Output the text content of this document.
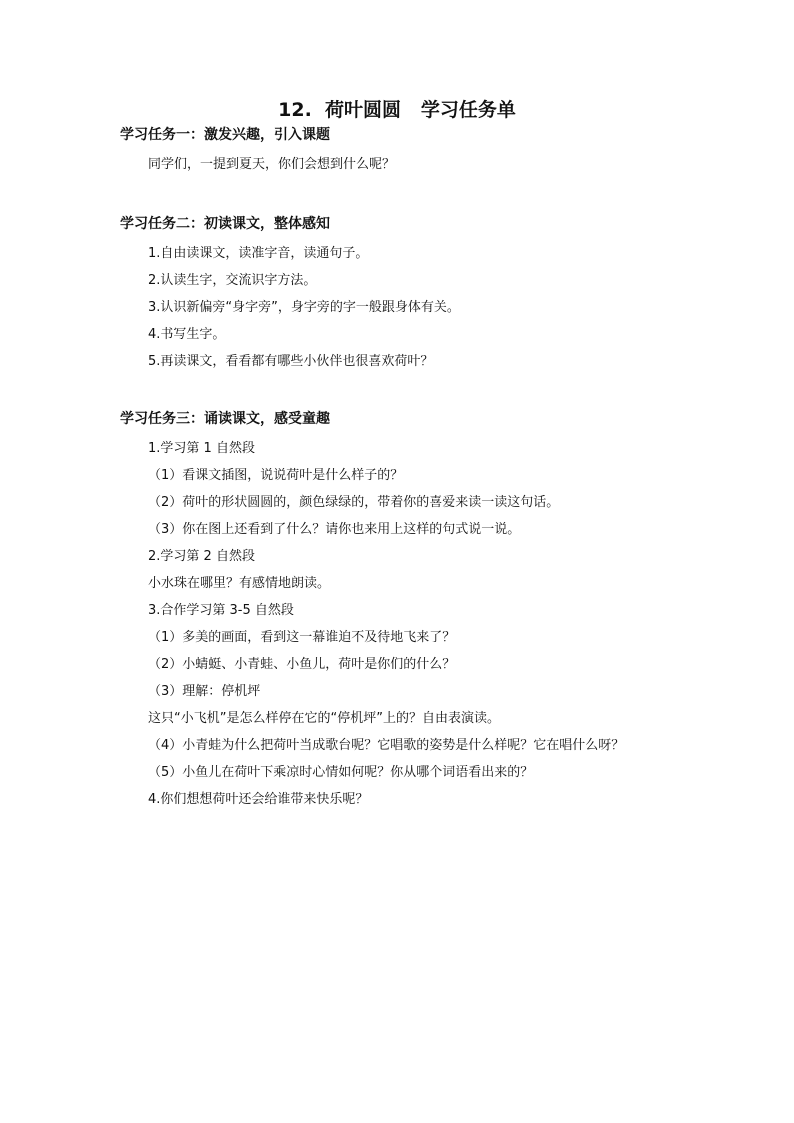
12.  荷叶圆圆   学习任务单
学习任务一：激发兴趣，引入课题
同学们，一提到夏天，你们会想到什么呢？
学习任务二：初读课文，整体感知
1.自由读课文，读准字音，读通句子。
2.认读生字，交流识字方法。
3.认识新偏旁“身字旁”，身字旁的字一般跟身体有关。
4.书写生字。
5.再读课文，看看都有哪些小伙伴也很喜欢荷叶？
学习任务三：诵读课文，感受童趣
1.学习第 1 自然段
（1）看课文插图，说说荷叶是什么样子的？
（2）荷叶的形状圆圆的，颜色绿绿的，带着你的喜爱来读一读这句话。
（3）你在图上还看到了什么？请你也来用上这样的句式说一说。
2.学习第 2 自然段
小水珠在哪里？有感情地朗读。
3.合作学习第 3-5 自然段
（1）多美的画面，看到这一幕谁迫不及待地飞来了？
（2）小蜻蜓、小青蛙、小鱼儿，荷叶是你们的什么？
（3）理解：停机坪
这只“小飞机”是怎么样停在它的“停机坪”上的？自由表演读。
（4）小青蛙为什么把荷叶当成歌台呢？它唱歌的姿势是什么样呢？它在唱什么呀？
（5）小鱼儿在荷叶下乘凉时心情如何呢？你从哪个词语看出来的？
4.你们想想荷叶还会给谁带来快乐呢？
